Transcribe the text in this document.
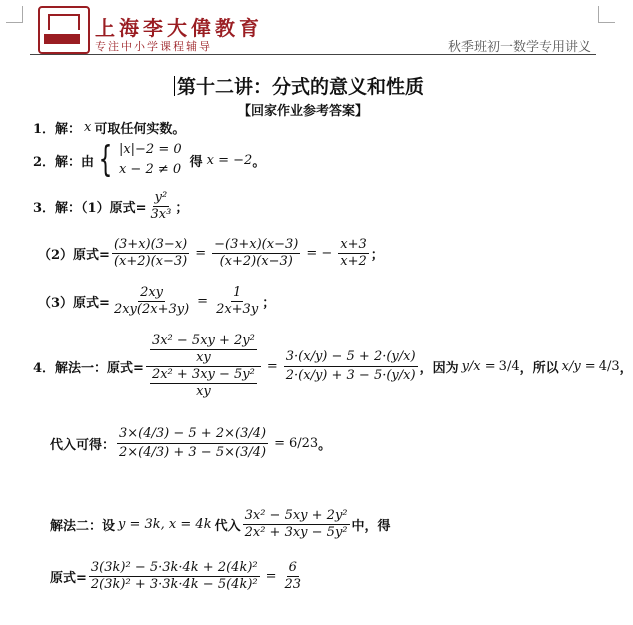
上海李大偉教育
专注中小学课程辅导	秋季班初一数学专用讲义
第十二讲：分式的意义和性质
【回家作业参考答案】
1．解： x 可取任何实数。
2．解：由 { |x|−2 = 0
x − 2 ≠ 0 得 x = −2 。
3．解：（1）原式= $\frac{\text{y²}}{\text{3x³}}$ ；
（2）原式= $\frac{(3+x)(3-x)}{(x+2)(x-3)} = \frac{-(3+x)(x-3)}{(x+2)(x-3)}$ = − $\frac{x+3}{x+2}$ ；
（3）原式= $\frac{2xy}{2xy(2x+3y)} = \frac{1}{2x+3y}$ ；
4．解法一：原式= $\frac{\frac{\text{3x² − 5xy + 2y²}}{xy}}{\frac{\text{2x² + 3xy − 5y²}}{xy}} = \frac{3\cdot(x/y) - 5 + 2\cdot(y/x)}{2\cdot(x/y) + 3 - 5\cdot(y/x)}$ ，因为 y/x = 3/4 ，所以 x/y = 4/3 ，
代入可得： $\frac{3\times(4/3) - 5 + 2\times(3/4)}{2\times(4/3) + 3 - 5\times(3/4)} = 6/23$ 。
解法二：设 y = 3k, x = 4k 代入 $\frac{\text{3x² − 5xy + 2y²}}{\text{2x² + 3xy − 5y²}}$ 中，得
原式= $\frac{\text{3(3k)² − 5·3k·4k + 2(4k)²}}{\text{2(3k)² + 3·3k·4k − 5(4k)²}} = \frac{6}{23}$
